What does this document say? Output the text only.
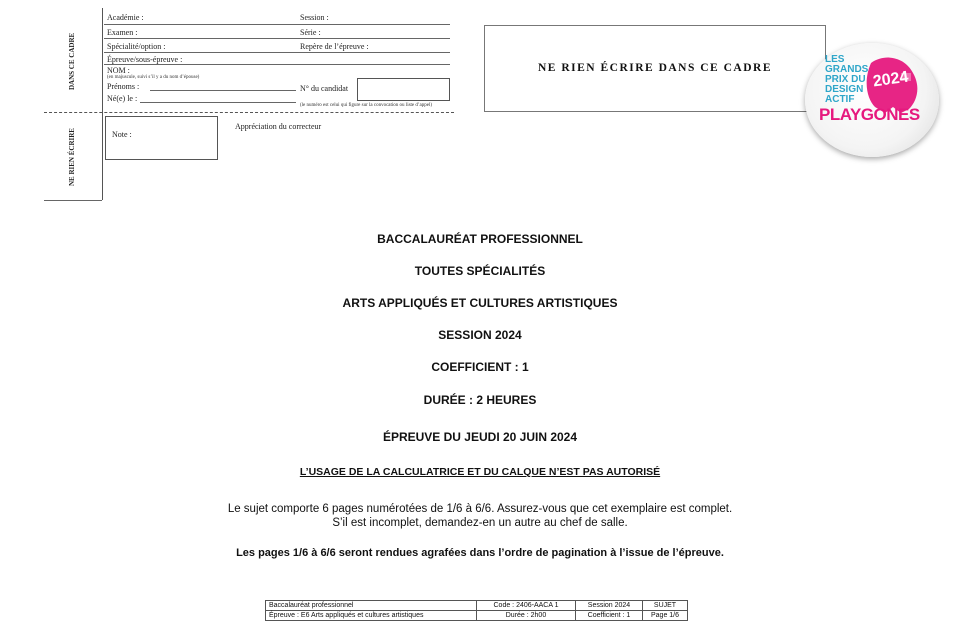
DANS CE CADRE
NE RIEN ÉCRIRE
Académie :	Session :
Examen :	Série :
Spécialité/option :	Repère de l’épreuve :
Épreuve/sous-épreuve :
NOM :
(en majuscule, suivi s’il y a du nom d’épouse)
Prénoms :	N° du candidat
Né(e) le :
(le numéro est celui qui figure sur la convocation ou liste d’appel)
Note :
Appréciation du correcteur
NE RIEN ÉCRIRE DANS CE CADRE
LES
GRANDS
PRIX DU
DESIGN
ACTIF
2024
PLAYGONES
BACCALAURÉAT PROFESSIONNEL
TOUTES SPÉCIALITÉS
ARTS APPLIQUÉS ET CULTURES ARTISTIQUES
SESSION 2024
COEFFICIENT : 1
DURÉE : 2 HEURES
ÉPREUVE DU JEUDI 20 JUIN 2024
L’USAGE DE LA CALCULATRICE ET DU CALQUE N’EST PAS AUTORISÉ
Le sujet comporte 6 pages numérotées de 1/6 à 6/6. Assurez-vous que cet exemplaire est complet.
S’il est incomplet, demandez-en un autre au chef de salle.
Les pages 1/6 à 6/6 seront rendues agrafées dans l’ordre de pagination à l’issue de l’épreuve.
Baccalauréat professionnel	Code : 2406-AACA 1	Session 2024	SUJET
Épreuve : E6 Arts appliqués et cultures artistiques	Durée : 2h00	Coefficient : 1	Page 1/6
